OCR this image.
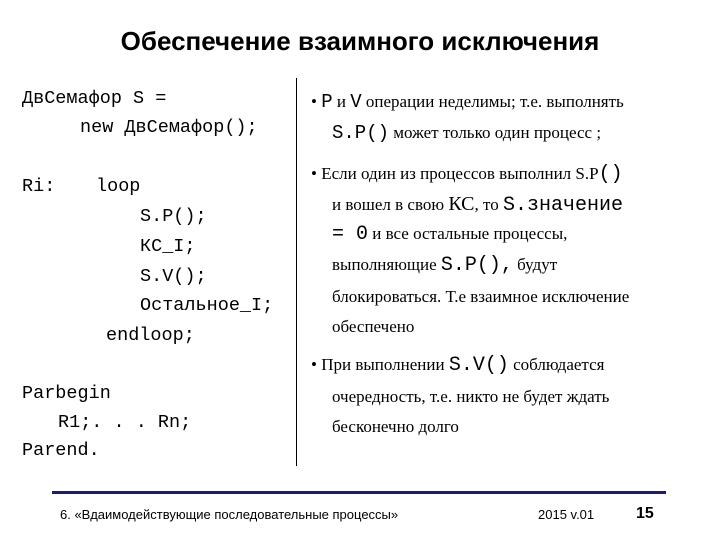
Обеспечение взаимного исключения
ДвСемафор S =
new ДвСемафор();
Ri: loop
S.P();
КС_I;
S.V();
Остальное_I;
endloop;
Parbegin
R1;. . . Rn;
Parend.
• P и V операции неделимы; т.е. выполнять
S.P() может только один процесс ;
• Если один из процессов выполнил S.P()
и вошел в свою КС, то S.значение
= 0 и все остальные процессы,
выполняющие S.P(), будут
блокироваться. Т.е взаимное исключение
обеспечено
• При выполнении S.V() соблюдается
очередность, т.е. никто не будет ждать
бесконечно долго
6. «Вдаимодействующие последовательные процессы»	2015 v.01	15
